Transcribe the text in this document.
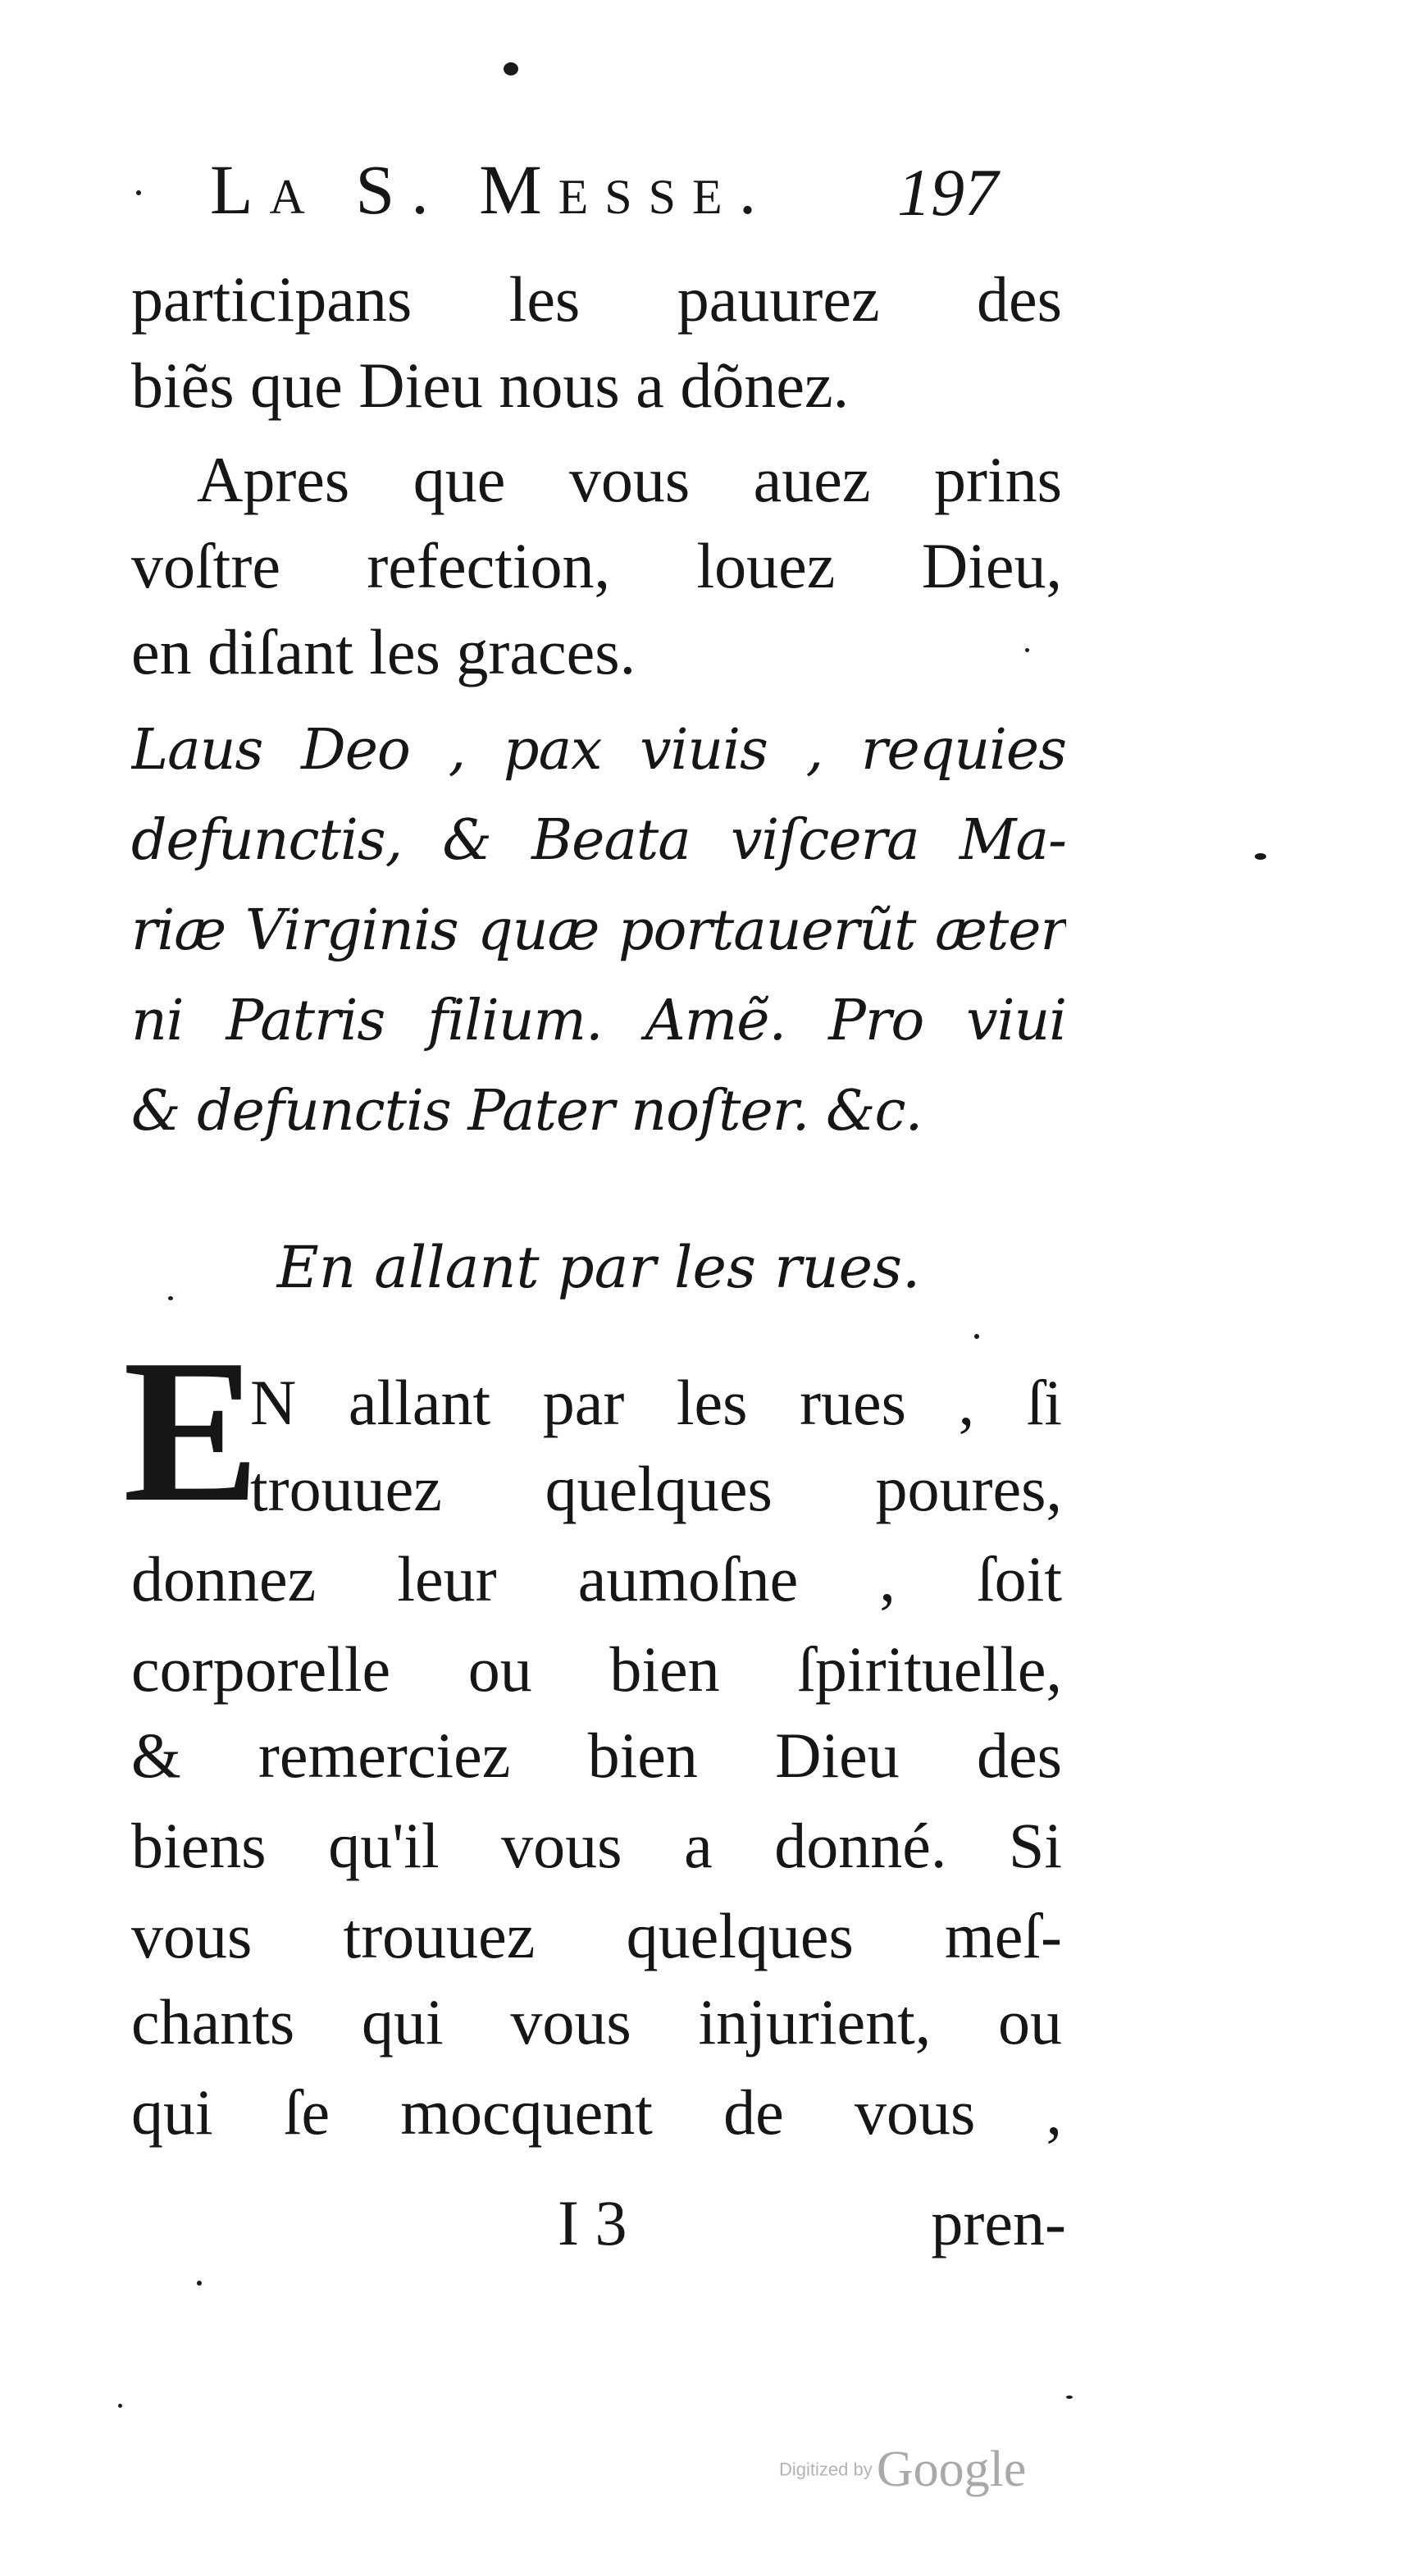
La S. Messe. 197
participans les pauurez des
biẽs que Dieu nous a dõnez.
Apres que vous auez prins
voſtre refection, louez Dieu,
en diſant les graces.
Laus Deo , pax viuis , requies
defunctis, & Beata viſcera Ma-
riæ Virginis quæ portauerũt æter
ni Patris filium. Amẽ. Pro viui
& defunctis Pater noſter. &c.
En allant par les rues.
E
N allant par les rues , ſi
trouuez quelques poures,
donnez leur aumoſne , ſoit
corporelle ou bien ſpirituelle,
& remerciez bien Dieu des
biens qu'il vous a donné. Si
vous trouuez quelques meſ-
chants qui vous injurient, ou
qui ſe mocquent de vous ,
I 3	pren-
Digitized by Google
